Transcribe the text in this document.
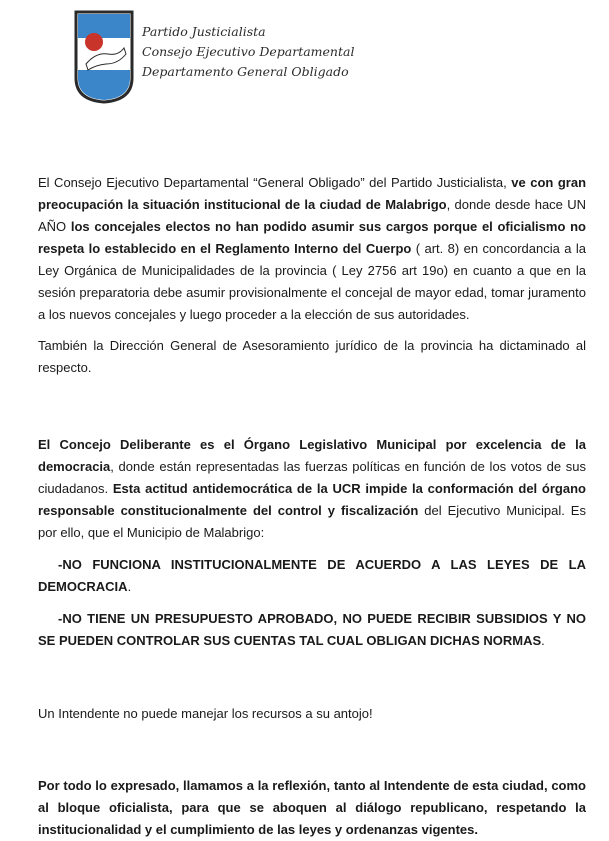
Partido Justicialista
Consejo Ejecutivo Departamental
Departamento General Obligado

El Consejo Ejecutivo Departamental “General Obligado” del Partido Justicialista, ve con gran preocupación la situación institucional de la ciudad de Malabrigo, donde desde hace UN AÑO los concejales electos no han podido asumir sus cargos porque el oficialismo no respeta lo establecido en el Reglamento Interno del Cuerpo ( art. 8) en concordancia a la Ley Orgánica de Municipalidades de la provincia ( Ley 2756 art 19o) en cuanto a que en la sesión preparatoria debe asumir provisionalmente el concejal de mayor edad, tomar juramento a los nuevos concejales y luego proceder a la elección de sus autoridades.

También la Dirección General de Asesoramiento jurídico de la provincia ha dictaminado al respecto.

El Concejo Deliberante es el Órgano Legislativo Municipal por excelencia de la democracia, donde están representadas las fuerzas políticas en función de los votos de sus ciudadanos. Esta actitud antidemocrática de la UCR impide la conformación del órgano responsable constitucionalmente del control y fiscalización del Ejecutivo Municipal. Es por ello, que el Municipio de Malabrigo:

-NO FUNCIONA INSTITUCIONALMENTE DE ACUERDO A LAS LEYES DE LA DEMOCRACIA.

-NO TIENE UN PRESUPUESTO APROBADO, NO PUEDE RECIBIR SUBSIDIOS Y NO SE PUEDEN CONTROLAR SUS CUENTAS TAL CUAL OBLIGAN DICHAS NORMAS.

Un Intendente no puede manejar los recursos a su antojo!

Por todo lo expresado, llamamos a la reflexión, tanto al Intendente de esta ciudad, como al bloque oficialista, para que se aboquen al diálogo republicano, respetando la institucionalidad y el cumplimiento de las leyes y ordenanzas vigentes.
